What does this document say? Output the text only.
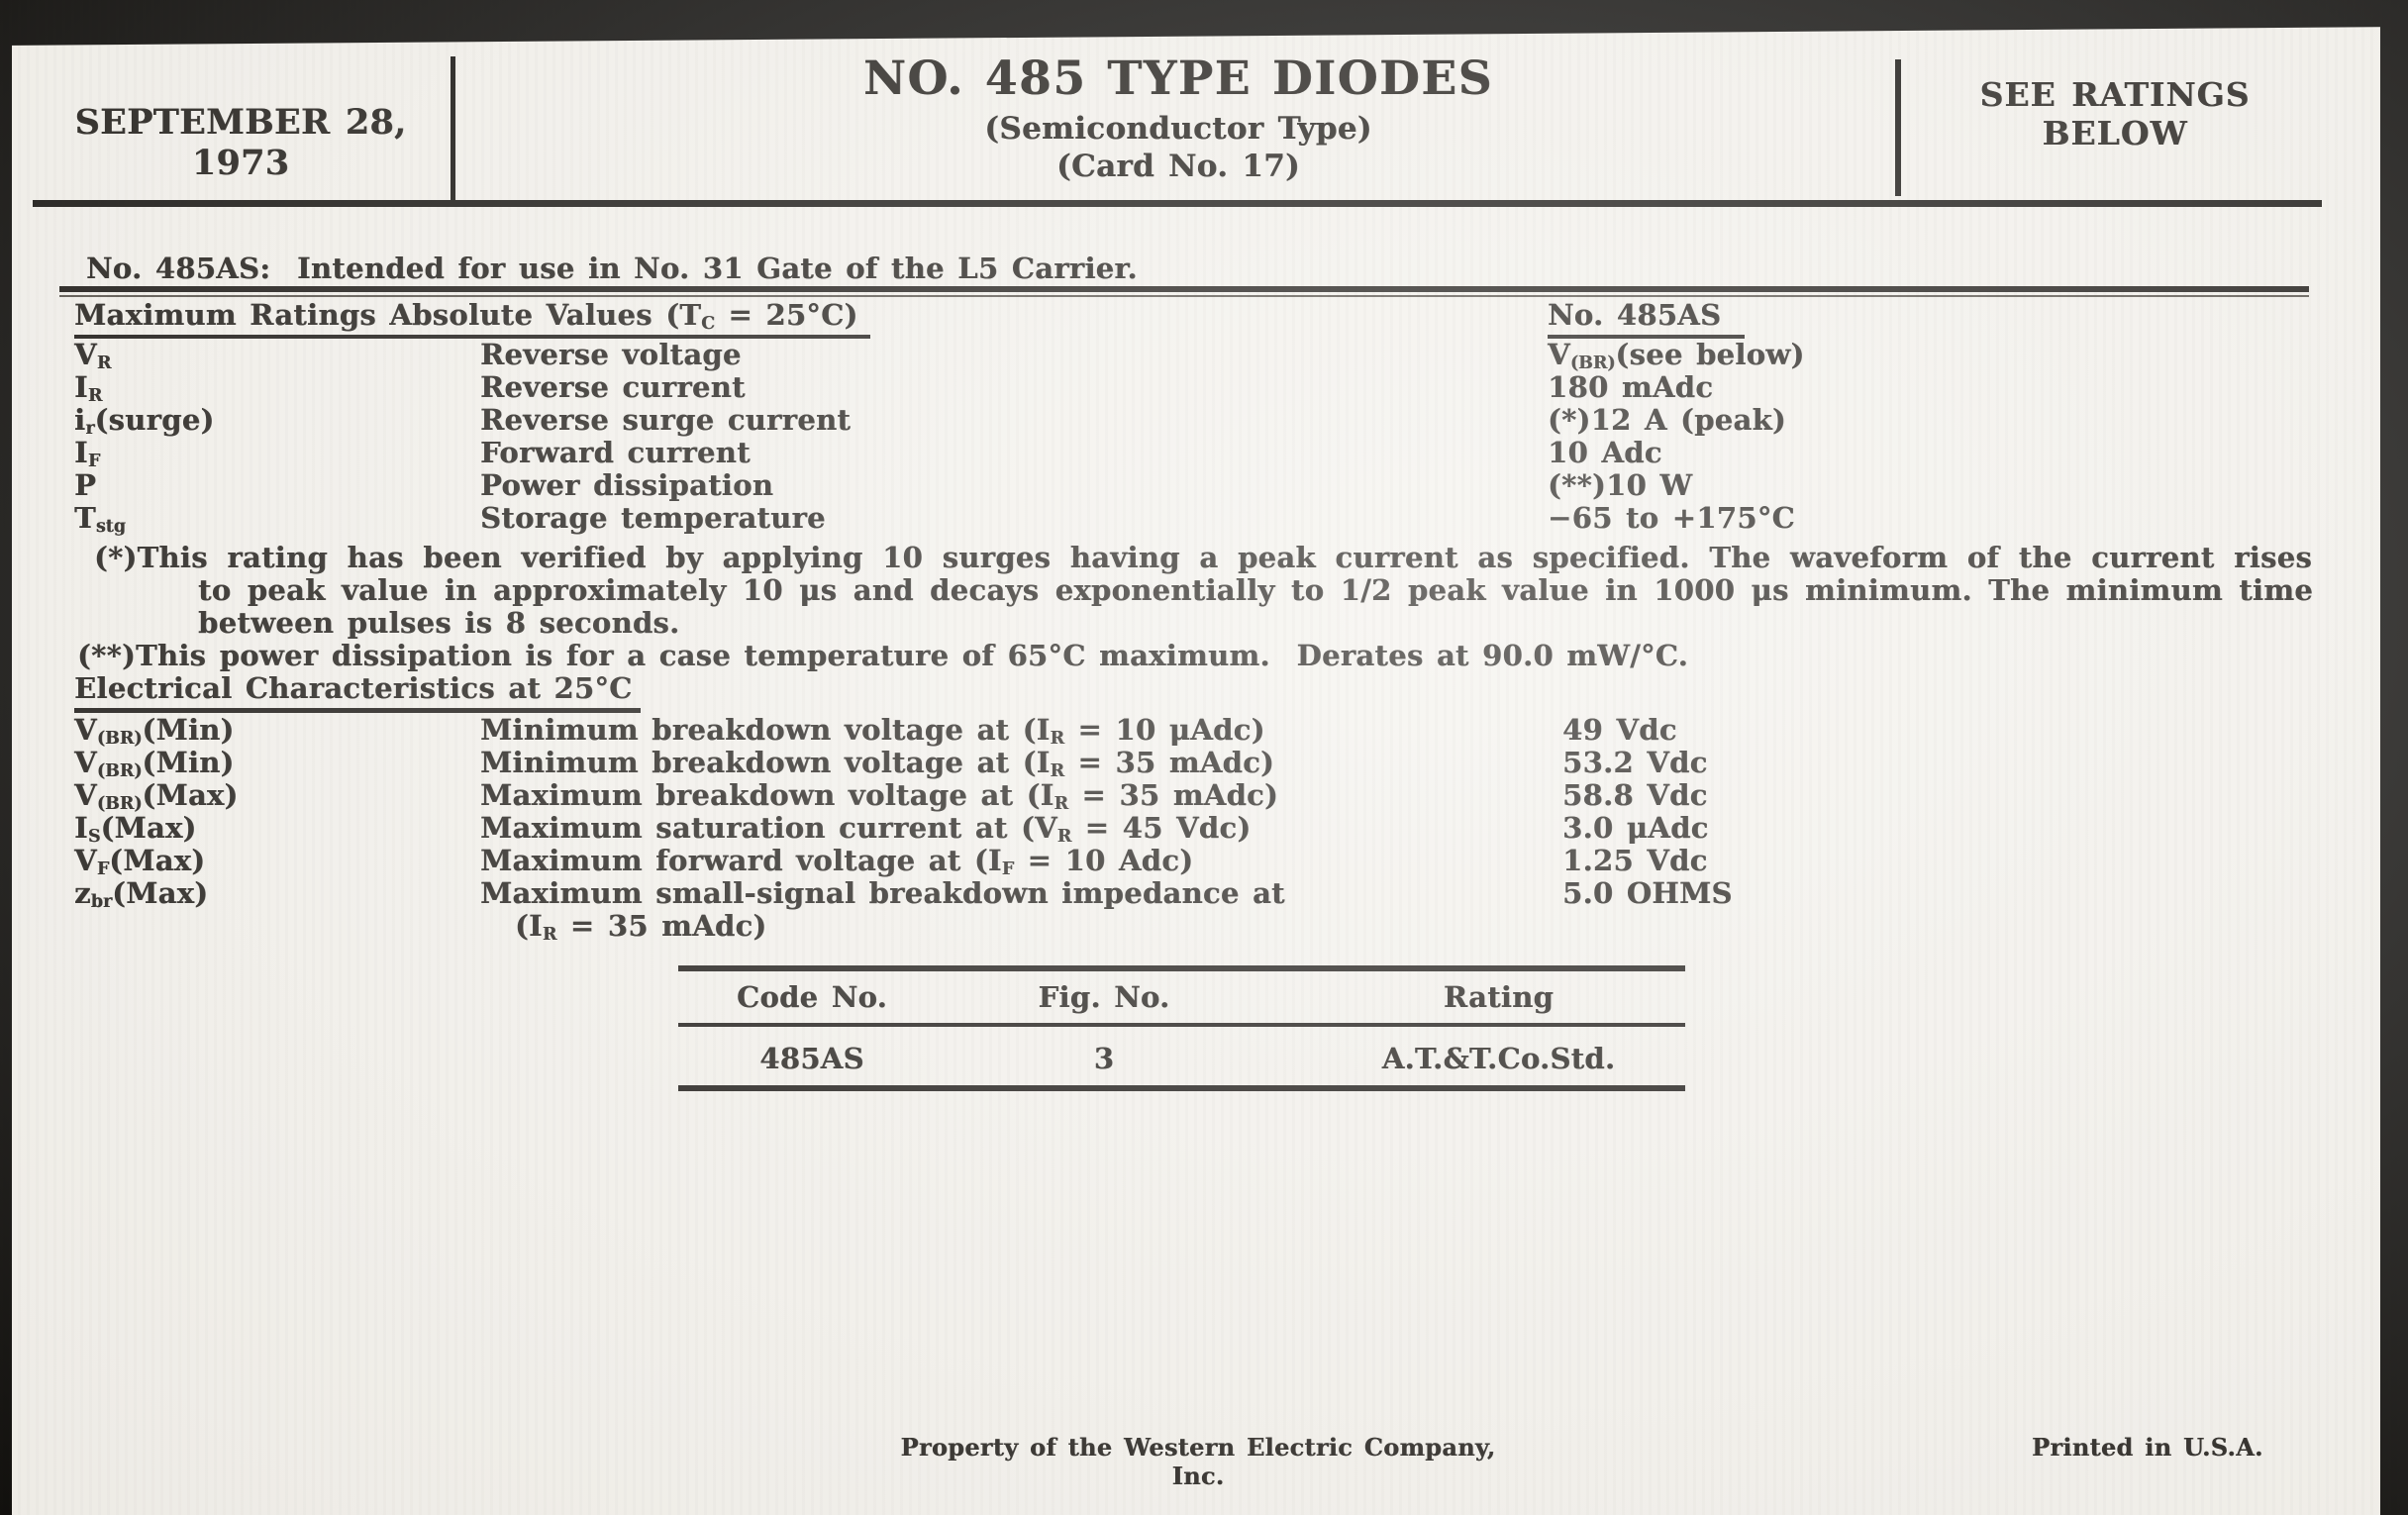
SEPTEMBER 28, 1973
NO. 485 TYPE DIODES
(Semiconductor Type)
(Card No. 17)
SEE RATINGS
BELOW
No. 485AS:  Intended for use in No. 31 Gate of the L5 Carrier.
Maximum Ratings Absolute Values $(T_C = 25^\circ C)$	No. 485AS
$V_R$	Reverse voltage	$V_{(BR)}(see$ below)
$I_R$	Reverse current	180 mAdc
$i_r(surge)$	Reverse surge current	(*)12 A (peak)
$I_F$	Forward current	10 Adc
P	Power dissipation	(**)10 W
$T_{stg}$	Storage temperature	−65 to +175°C
(*)This rating has been verified by applying 10 surges having a peak current as specified. The waveform of the current rises
to peak value in approximately 10 μs and decays exponentially to 1/2 peak value in 1000 μs minimum. The minimum time
between pulses is 8 seconds.
(**)This power dissipation is for a case temperature of 65°C maximum.  Derates at 90.0 mW/°C.
Electrical Characteristics at 25°C
$V_{(BR)}(Min)$	Minimum breakdown voltage at ($I_R = 10$ μAdc)	49 Vdc
$V_{(BR)}(Min)$	Minimum breakdown voltage at ($I_R = 35$ mAdc)	53.2 Vdc
$V_{(BR)}(Max)$	Maximum breakdown voltage at ($I_R = 35$ mAdc)	58.8 Vdc
$I_S(Max)$	Maximum saturation current at ($V_R = 45$ Vdc)	3.0 μAdc
$V_F(Max)$	Maximum forward voltage at ($I_F = 10$ Adc)	1.25 Vdc
$z_{br}(Max)$	Maximum small-signal breakdown impedance at	5.0 OHMS
($I_R = 35$ mAdc)
Code No.	Fig. No.	Rating
485AS	3	A.T.&T.Co.Std.
Property of the Western Electric Company, Inc.
Printed in U.S.A.
